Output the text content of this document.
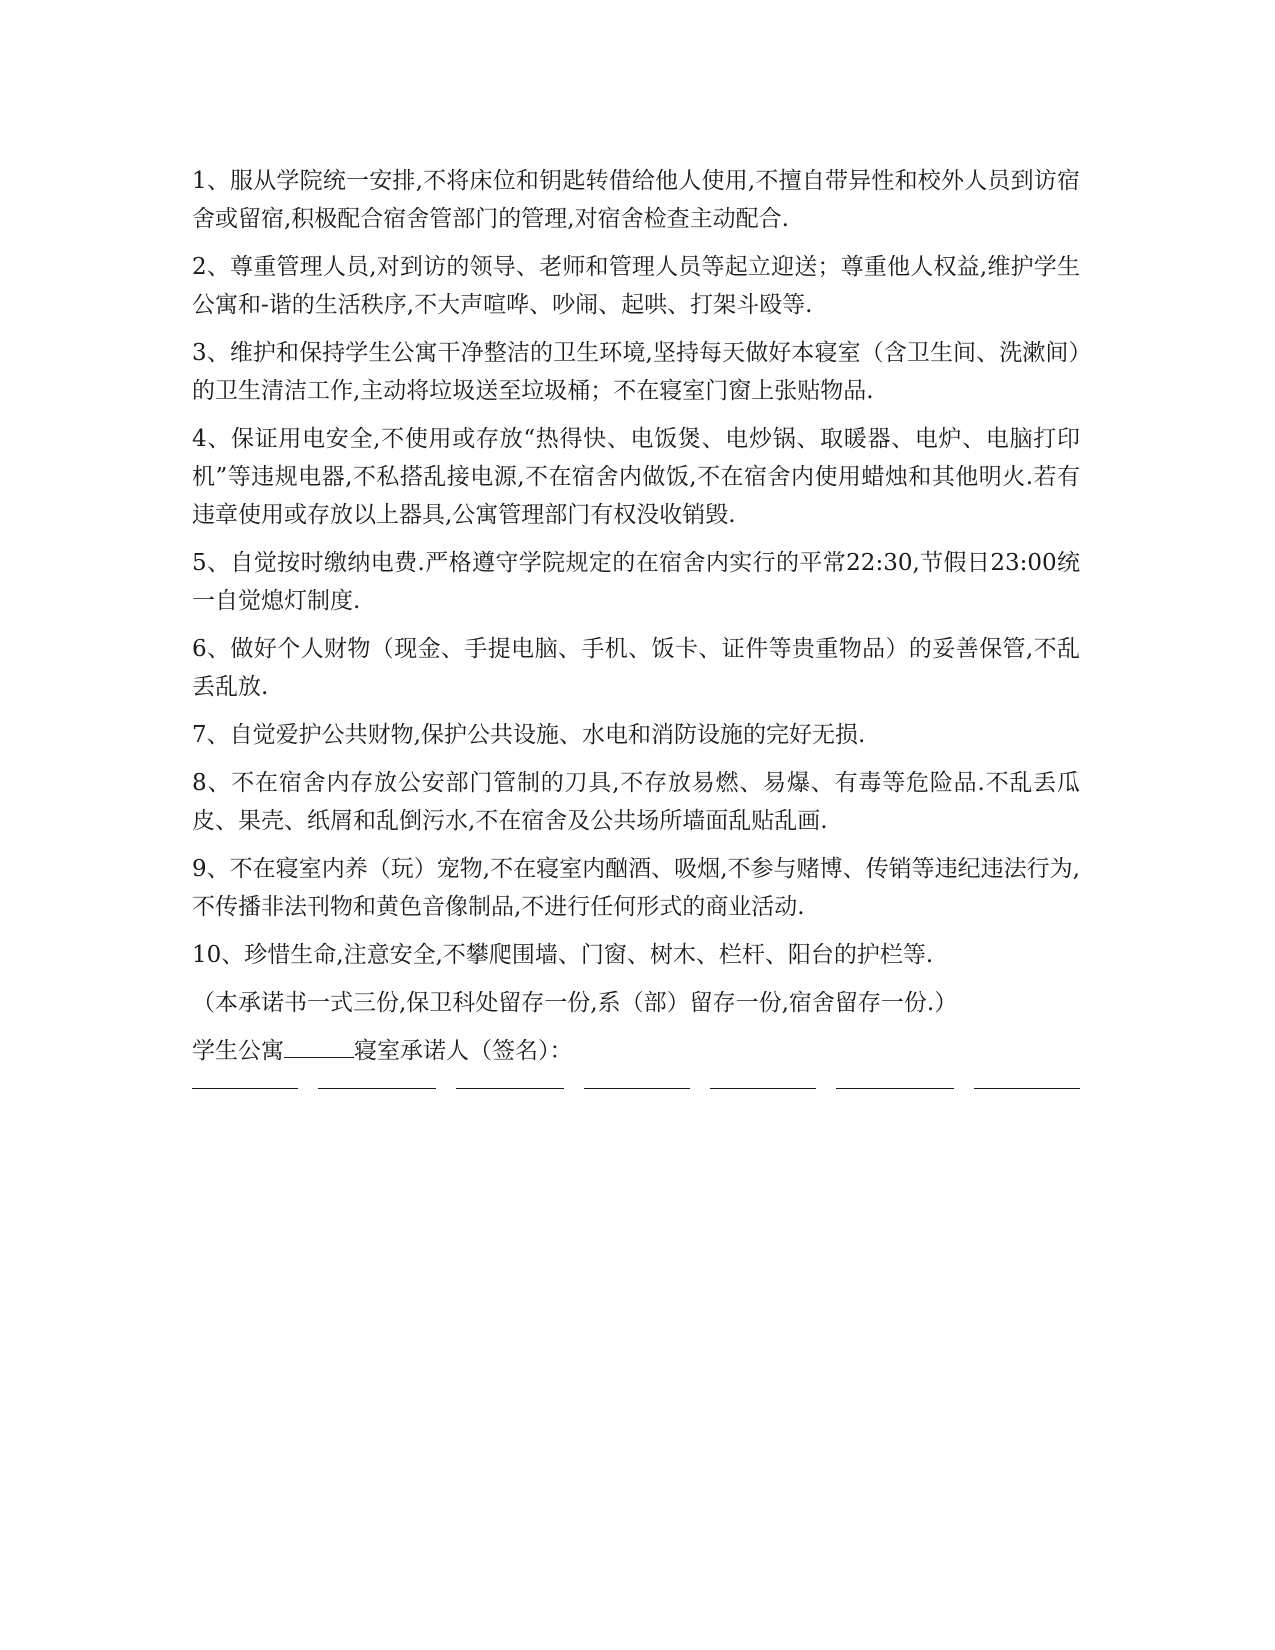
1、服从学院统一安排,不将床位和钥匙转借给他人使用,不擅自带异性和校外人员到访宿舍或留宿,积极配合宿舍管部门的管理,对宿舍检查主动配合.

2、尊重管理人员,对到访的领导、老师和管理人员等起立迎送；尊重他人权益,维护学生公寓和-谐的生活秩序,不大声喧哗、吵闹、起哄、打架斗殴等.

3、维护和保持学生公寓干净整洁的卫生环境,坚持每天做好本寝室（含卫生间、洗漱间）的卫生清洁工作,主动将垃圾送至垃圾桶；不在寝室门窗上张贴物品.

4、保证用电安全,不使用或存放“热得快、电饭煲、电炒锅、取暖器、电炉、电脑打印机”等违规电器,不私搭乱接电源,不在宿舍内做饭,不在宿舍内使用蜡烛和其他明火.若有违章使用或存放以上器具,公寓管理部门有权没收销毁.

5、自觉按时缴纳电费.严格遵守学院规定的在宿舍内实行的平常22:30,节假日23:00统一自觉熄灯制度.

6、做好个人财物（现金、手提电脑、手机、饭卡、证件等贵重物品）的妥善保管,不乱丢乱放.

7、自觉爱护公共财物,保护公共设施、水电和消防设施的完好无损.

8、不在宿舍内存放公安部门管制的刀具,不存放易燃、易爆、有毒等危险品.不乱丢瓜皮、果壳、纸屑和乱倒污水,不在宿舍及公共场所墙面乱贴乱画.

9、不在寝室内养（玩）宠物,不在寝室内酗酒、吸烟,不参与赌博、传销等违纪违法行为,不传播非法刊物和黄色音像制品,不进行任何形式的商业活动.

10、珍惜生命,注意安全,不攀爬围墙、门窗、树木、栏杆、阳台的护栏等.

（本承诺书一式三份,保卫科处留存一份,系（部）留存一份,宿舍留存一份.）

学生公寓	寝室承诺人（签名）：
